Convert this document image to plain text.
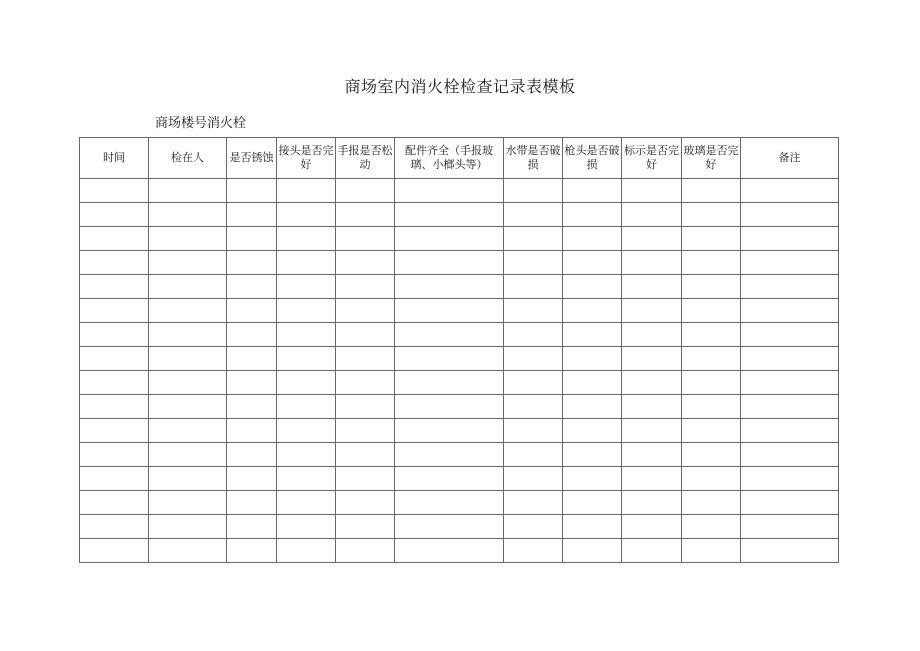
商场室内消火栓检查记录表模板
商场楼号消火栓
时间	检在人	是否锈蚀	接头是否完好	手报是否松动	配件齐全（手报玻璃、小榔头等）	水带是否破损	枪头是否破损	标示是否完好	玻璃是否完好	备注
